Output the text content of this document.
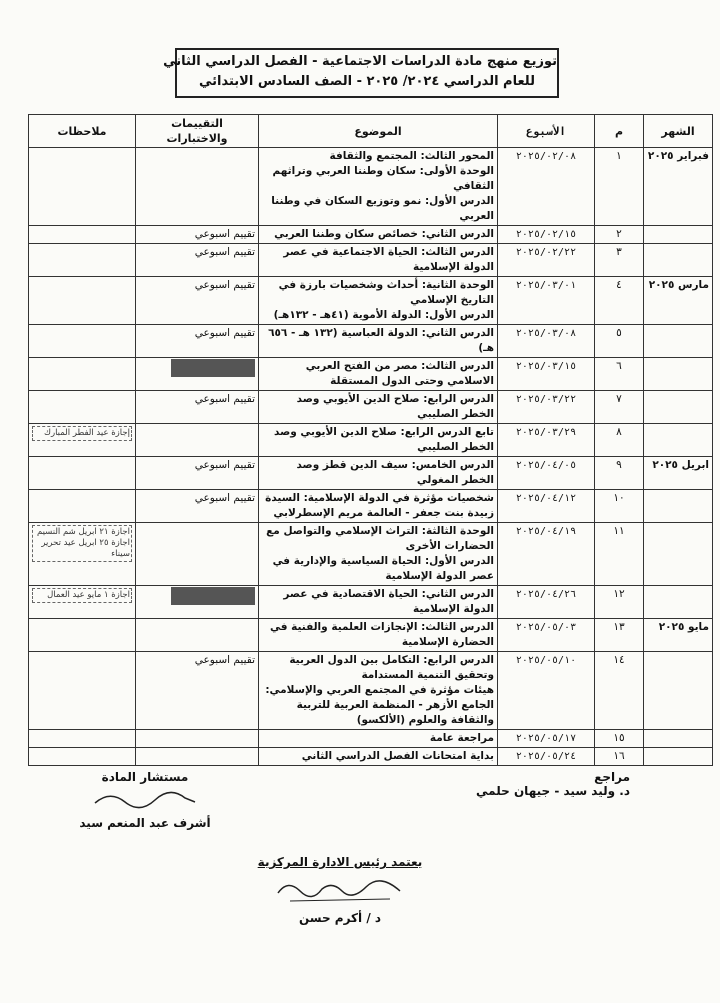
توزيع منهج مادة الدراسات الاجتماعية - الفصل الدراسي الثاني
للعام الدراسي ٢٠٢٤/ ٢٠٢٥ - الصف السادس الابتدائي
الشهر	م	الأسبوع	الموضوع	التقييمات والاختبارات	ملاحظات
فبراير ٢٠٢٥	١	٢٠٢٥/٠٢/٠٨	المحور الثالث: المجتمع والثقافة
الوحدة الأولى: سكان وطننا العربي وتراثهم الثقافي
الدرس الأول: نمو وتوزيع السكان في وطننا العربي		
	٢	٢٠٢٥/٠٢/١٥	الدرس الثاني: خصائص سكان وطننا العربي	تقييم اسبوعي	
	٣	٢٠٢٥/٠٢/٢٢	الدرس الثالث: الحياة الاجتماعية في عصر الدولة الإسلامية	تقييم اسبوعي	
مارس ٢٠٢٥	٤	٢٠٢٥/٠٣/٠١	الوحدة الثانية: أحداث وشخصيات بارزة في التاريخ الإسلامي
الدرس الأول: الدولة الأموية (٤١هـ - ١٣٢هـ)	تقييم اسبوعي	
	٥	٢٠٢٥/٠٣/٠٨	الدرس الثاني: الدولة العباسية (١٣٢ هـ - ٦٥٦ هـ)	تقييم اسبوعي	
	٦	٢٠٢٥/٠٣/١٥	الدرس الثالث: مصر من الفتح العربي الاسلامي وحتى الدول المستقلة		
	٧	٢٠٢٥/٠٣/٢٢	الدرس الرابع: صلاح الدين الأيوبي وصد الخطر الصليبي	تقييم اسبوعي	
	٨	٢٠٢٥/٠٣/٢٩	تابع الدرس الرابع: صلاح الدين الأيوبي وصد الخطر الصليبي		إجازة عيد الفطر المبارك

ابريل ٢٠٢٥	٩	٢٠٢٥/٠٤/٠٥	الدرس الخامس: سيف الدين قطز وصد الخطر المغولي	تقييم اسبوعي	
	١٠	٢٠٢٥/٠٤/١٢	شخصيات مؤثرة في الدولة الإسلامية: السيدة زبيدة بنت جعفر - العالمة مريم الإسطرلابي	تقييم اسبوعي	
	١١	٢٠٢٥/٠٤/١٩	الوحدة الثالثة: التراث الإسلامي والتواصل مع الحضارات الأخرى
الدرس الأول: الحياة السياسية والإدارية في عصر الدولة الإسلامية		اجازة ٢١ ابريل شم النسيم
اجازة ٢٥ ابريل عيد تحرير سيناء

	١٢	٢٠٢٥/٠٤/٢٦	الدرس الثاني: الحياة الاقتصادية في عصر الدولة الإسلامية		اجازة ١ مايو عيد العمال

مايو ٢٠٢٥	١٣	٢٠٢٥/٠٥/٠٣	الدرس الثالث: الإنجازات العلمية والفنية في الحضارة الإسلامية		
	١٤	٢٠٢٥/٠٥/١٠	الدرس الرابع: التكامل بين الدول العربية وتحقيق التنمية المستدامة
هيئات مؤثرة في المجتمع العربي والإسلامي: الجامع الأزهر - المنظمة العربية للتربية والثقافة والعلوم (الألكسو)	تقييم اسبوعي	
	١٥	٢٠٢٥/٠٥/١٧	مراجعة عامة		
	١٦	٢٠٢٥/٠٥/٢٤	بداية امتحانات الفصل الدراسي الثاني		
مستشار المادة
أشرف عبد المنعم سيد
مراجع
د. وليد سيد - جيهان حلمي
يعتمد رئيس الادارة المركزية
د / أكرم حسن
